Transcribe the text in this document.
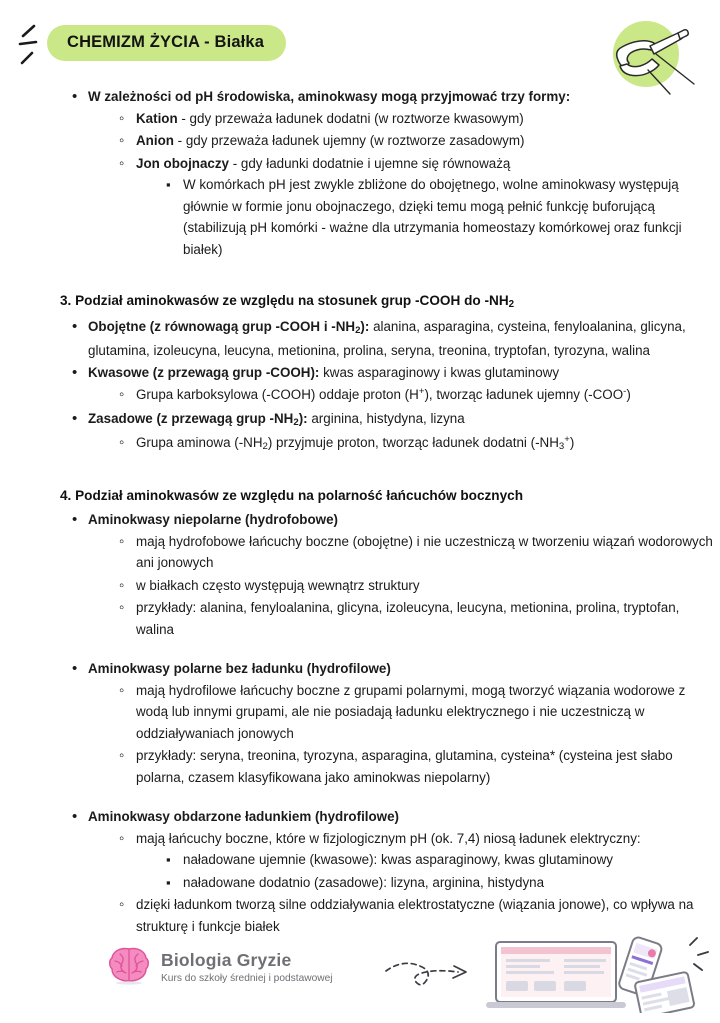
CHEMIZM ŻYCIA - Białka
•
W zależności od pH środowiska, aminokwasy mogą przyjmować trzy formy:
◦
Kation - gdy przeważa ładunek dodatni (w roztworze kwasowym)
◦
Anion - gdy przeważa ładunek ujemny (w roztworze zasadowym)
◦
Jon obojnaczy - gdy ładunki dodatnie i ujemne się równoważą
▪
W komórkach pH jest zwykle zbliżone do obojętnego, wolne aminokwasy występują głównie w formie jonu obojnaczego, dzięki temu mogą pełnić funkcję buforującą (stabilizują pH komórki - ważne dla utrzymania homeostazy komórkowej oraz funkcji białek)
3. Podział aminokwasów ze względu na stosunek grup -COOH do $-NH_2$
•
Obojętne (z równowagą grup -COOH i $-NH_2$): alanina, asparagina, cysteina, fenyloalanina, glicyna, glutamina, izoleucyna, leucyna, metionina, prolina, seryna, treonina, tryptofan, tyrozyna, walina
•
Kwasowe (z przewagą grup -COOH): kwas asparaginowy i kwas glutaminowy
◦
Grupa karboksylowa (-COOH) oddaje proton (H+), tworząc ładunek ujemny (-COO-)
•
Zasadowe (z przewagą grup $-NH_2$): arginina, histydyna, lizyna
◦
Grupa aminowa $(-NH_2)$ przyjmuje proton, tworząc ładunek dodatni $(-NH_3^+)$
4. Podział aminokwasów ze względu na polarność łańcuchów bocznych
•
Aminokwasy niepolarne (hydrofobowe)
◦
mają hydrofobowe łańcuchy boczne (obojętne) i nie uczestniczą w tworzeniu wiązań wodorowych ani jonowych
◦
w białkach często występują wewnątrz struktury
◦
przykłady: alanina, fenyloalanina, glicyna, izoleucyna, leucyna, metionina, prolina, tryptofan, walina
•
Aminokwasy polarne bez ładunku (hydrofilowe)
◦
mają hydrofilowe łańcuchy boczne z grupami polarnymi, mogą tworzyć wiązania wodorowe z wodą lub innymi grupami, ale nie posiadają ładunku elektrycznego i nie uczestniczą w oddziaływaniach jonowych
◦
przykłady: seryna, treonina, tyrozyna, asparagina, glutamina, cysteina* (cysteina jest słabo polarna, czasem klasyfikowana jako aminokwas niepolarny)
•
Aminokwasy obdarzone ładunkiem (hydrofilowe)
◦
mają łańcuchy boczne, które w fizjologicznym pH (ok. 7,4) niosą ładunek elektryczny:
▪
naładowane ujemnie (kwasowe): kwas asparaginowy, kwas glutaminowy
▪
naładowane dodatnio (zasadowe): lizyna, arginina, histydyna
◦
dzięki ładunkom tworzą silne oddziaływania elektrostatyczne (wiązania jonowe), co wpływa na strukturę i funkcje białek
Biologia Gryzie
Kurs do szkoły średniej i podstawowej
